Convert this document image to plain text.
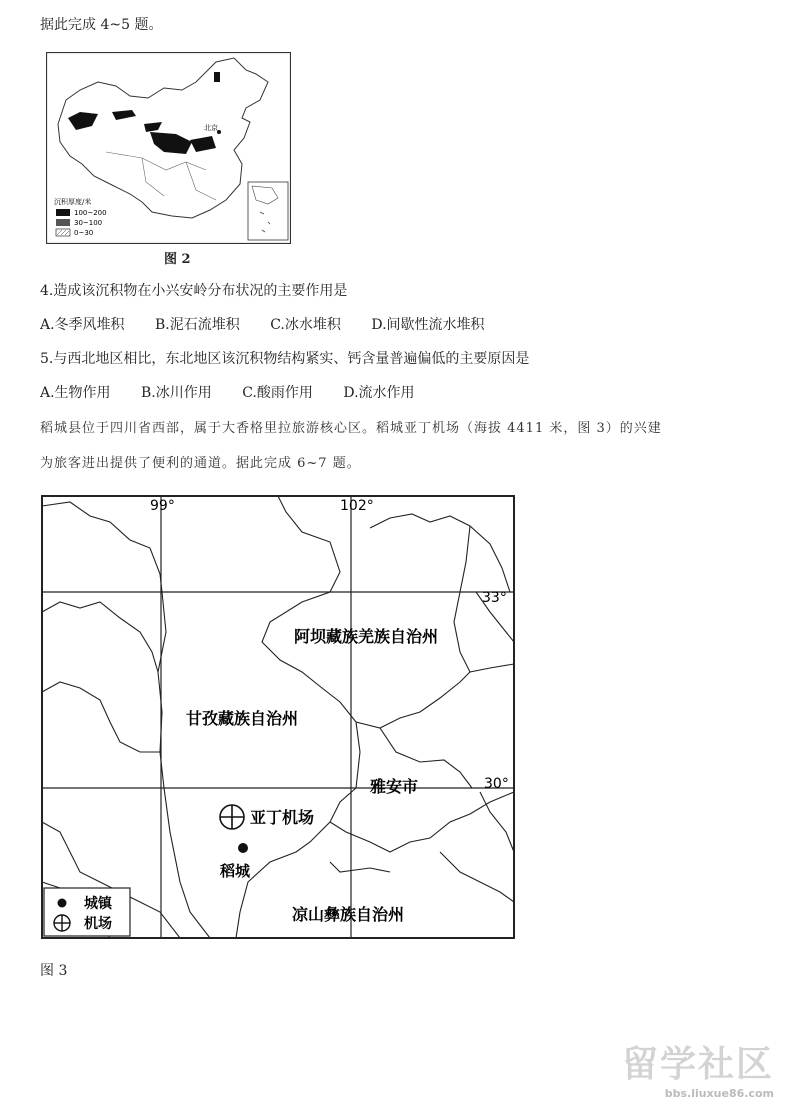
据此完成 4~5 题。
北京
沉积厚度/米
100~200
30~100
0~30
图 2
4.造成该沉积物在小兴安岭分布状况的主要作用是
A.冬季风堆积 B.泥石流堆积 C.冰水堆积 D.间歇性流水堆积
5.与西北地区相比，东北地区该沉积物结构紧实、钙含量普遍偏低的主要原因是
A.生物作用 B.冰川作用 C.酸雨作用 D.流水作用
稻城县位于四川省西部，属于大香格里拉旅游核心区。稻城亚丁机场（海拔 4411 米，图 3）的兴建
为旅客进出提供了便利的通道。据此完成 6~7 题。
99°	102°
33°
30°
阿坝藏族羌族自治州
甘孜藏族自治州
雅安市
凉山彝族自治州
亚丁机场
稻城
城镇
机场
图 3
留学社区
bbs.liuxue86.com
